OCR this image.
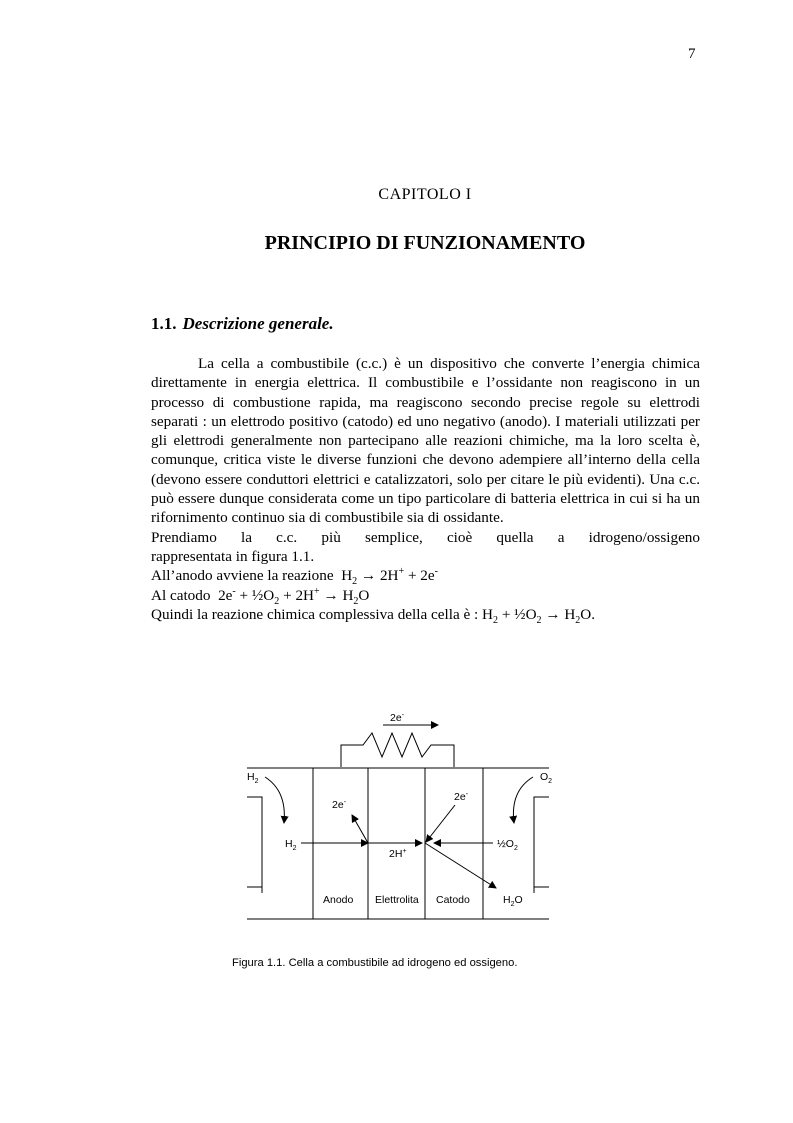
7
CAPITOLO I
PRINCIPIO DI FUNZIONAMENTO
1.1. Descrizione generale.

La cella a combustibile (c.c.) è un dispositivo che converte l’energia chimica direttamente in energia elettrica. Il combustibile e l’ossidante non reagiscono in un processo di combustione rapida, ma reagiscono secondo precise regole su elettrodi separati : un elettrodo positivo (catodo) ed uno negativo (anodo). I materiali utilizzati per gli elettrodi generalmente non partecipano alle reazioni chimiche, ma la loro scelta è, comunque, critica viste le diverse funzioni che devono adempiere all’interno della cella (devono essere conduttori elettrici e catalizzatori, solo per citare le più evidenti). Una c.c. può essere dunque considerata come un tipo particolare di batteria elettrica in cui si ha un rifornimento continuo sia di combustibile sia di ossidante.

Prendiamo la c.c. più semplice, cioè quella a idrogeno/ossigeno

rappresentata in figura 1.1.

All’anodo avviene la reazione  $H_2 \to 2H^+ + 2e^-$

Al catodo  $2e^- + \frac{1}{2}O_2 + 2H^+ \to H_2O$

Quindi la reazione chimica complessiva della cella è : $H_2$ + $\frac{1}{2}O_2 \to H_2O$.

2e-
$H_2$	$O_2$
2e-	2e-
$H_2$	$\frac{1}{2}O_2$
2H+
Anodo Elettrolita Catodo	$H_2O$
Figura 1.1. Cella a combustibile ad idrogeno ed ossigeno.
